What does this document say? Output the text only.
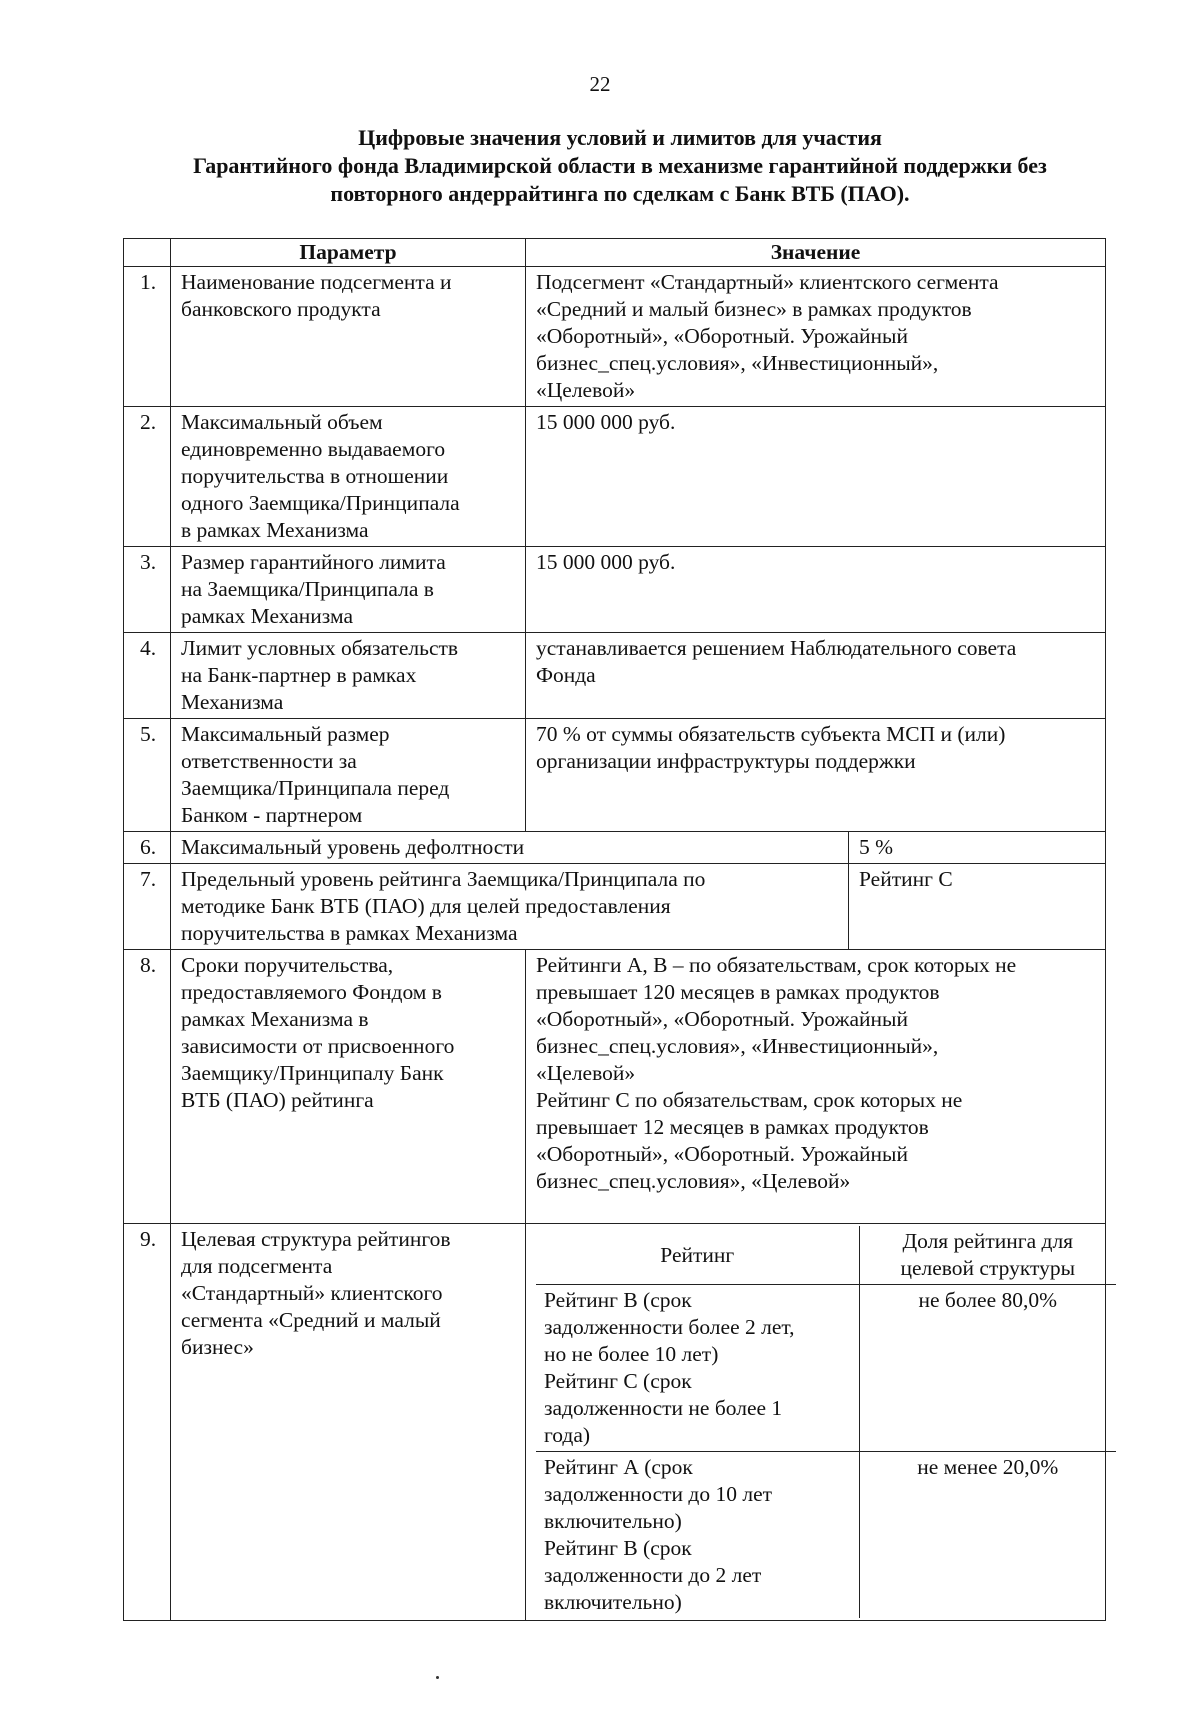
22
Цифровые значения условий и лимитов для участия
Гарантийного фонда Владимирской области в механизме гарантийной поддержки без
повторного андеррайтинга по сделкам с Банк ВТБ (ПАО).
	Параметр	Значение
1.	Наименование подсегмента и
банковского продукта	Подсегмент «Стандартный» клиентского сегмента
«Средний и малый бизнес» в рамках продуктов
«Оборотный», «Оборотный. Урожайный
бизнес_спец.условия», «Инвестиционный»,
«Целевой»
2.	Максимальный объем
единовременно выдаваемого
поручительства в отношении
одного Заемщика/Принципала
в рамках Механизма	15 000 000 руб.
3.	Размер гарантийного лимита
на Заемщика/Принципала в
рамках Механизма	15 000 000 руб.
4.	Лимит условных обязательств
на Банк-партнер в рамках
Механизма	устанавливается решением Наблюдательного совета
Фонда
5.	Максимальный размер
ответственности за
Заемщика/Принципала перед
Банком - партнером	70 % от суммы обязательств субъекта МСП и (или)
организации инфраструктуры поддержки
6.	Максимальный уровень дефолтности	5 %
7.	Предельный уровень рейтинга Заемщика/Принципала по
методике Банк ВТБ (ПАО) для целей предоставления
поручительства в рамках Механизма	Рейтинг С
8.	Сроки поручительства,
предоставляемого Фондом в
рамках Механизма в
зависимости от присвоенного
Заемщику/Принципалу Банк
ВТБ (ПАО) рейтинга	Рейтинги А, В – по обязательствам, срок которых не
превышает 120 месяцев в рамках продуктов
«Оборотный», «Оборотный. Урожайный
бизнес_спец.условия», «Инвестиционный»,
«Целевой»
Рейтинг С по обязательствам, срок которых не
превышает 12 месяцев в рамках продуктов
«Оборотный», «Оборотный. Урожайный
бизнес_спец.условия», «Целевой»
9.	Целевая структура рейтингов
для подсегмента
«Стандартный» клиентского
сегмента «Средний и малый
бизнес»	
Рейтинг	Доля рейтинга для
целевой структуры
Рейтинг В (срок
задолженности более 2 лет,
но не более 10 лет)
Рейтинг С (срок
задолженности не более 1
года)	не более 80,0%
Рейтинг А (срок
задолженности до 10 лет
включительно)
Рейтинг В (срок
задолженности до 2 лет
включительно)	не менее 20,0%
